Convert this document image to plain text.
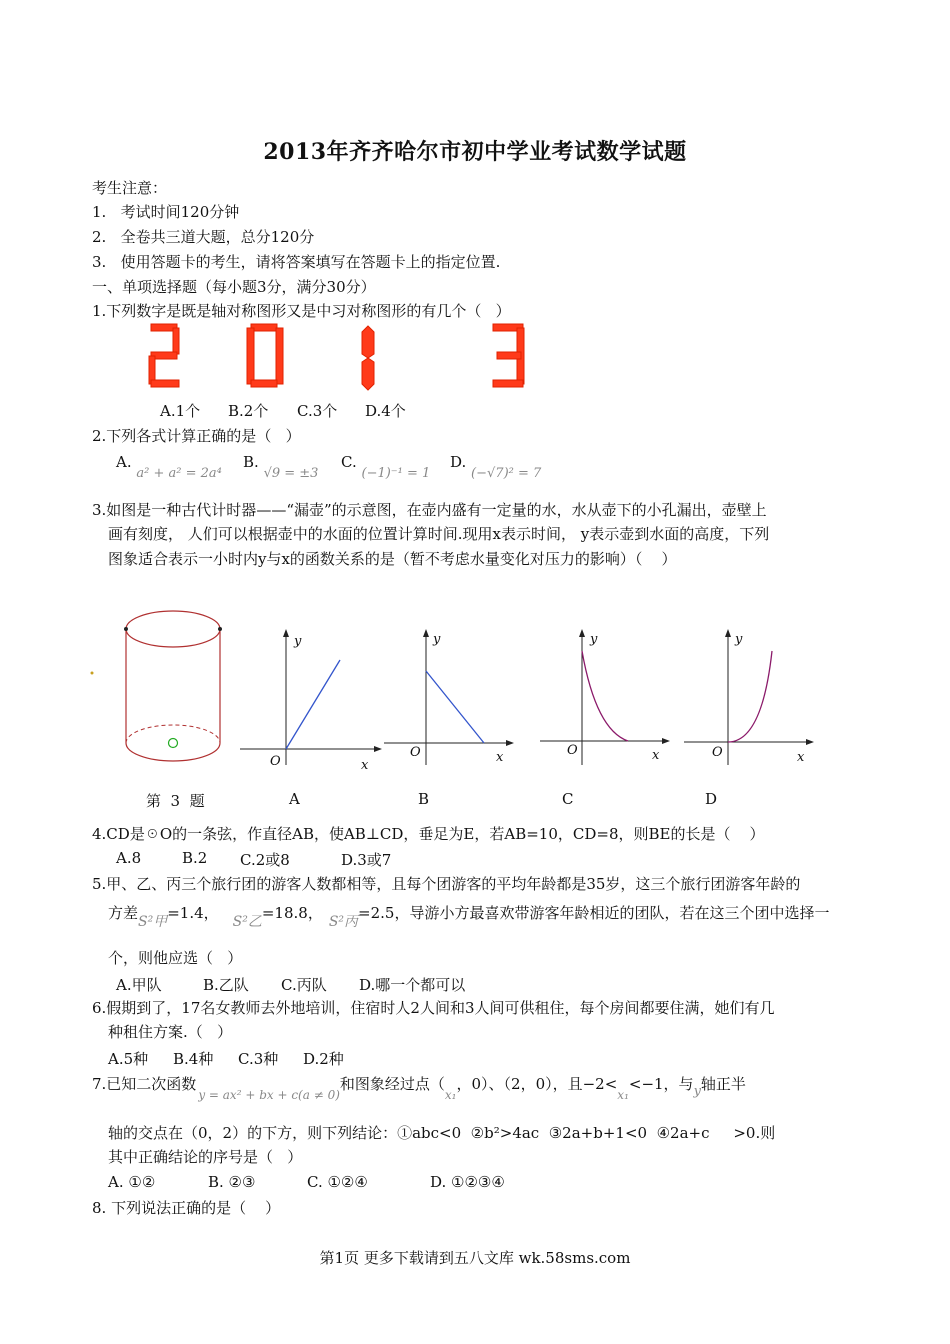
2013年齐齐哈尔市初中学业考试数学试题
考生注意：
1.   考试时间120分钟
2.   全卷共三道大题，总分120分
3.   使用答题卡的考生，请将答案填写在答题卡上的指定位置.
一、单项选择题（每小题3分，满分30分）
1.下列数字是既是轴对称图形又是中习对称图形的有几个（   ）
A.1个 B.2个 C.3个 D.4个
2.下列各式计算正确的是（   ）
A. a² + a² = 2a⁴
B. √9 = ±3
C. (−1)⁻¹ = 1
D. (−√7)² = 7
3.如图是一种古代计时器——“漏壶”的示意图，在壶内盛有一定量的水，水从壶下的小孔漏出，壶壁上
画有刻度， 人们可以根据壶中的水面的位置计算时间.现用x表示时间， y表示壶到水面的高度，下列
图象适合表示一小时内y与x的函数关系的是（暂不考虑水量变化对压力的影响）（    ）
y
O	x
y
O	x
y
O	x
y
O	x
第  3  题	A	B	C	D
4.CD是☉O的一条弦，作直径AB，使AB⊥CD，垂足为E，若AB=10，CD=8，则BE的长是（    ）
A.8	B.2 C.2或8	D.3或7
5.甲、乙、丙三个旅行团的游客人数都相等，且每个团游客的平均年龄都是35岁，这三个旅行团游客年龄的
方差S²甲=1.4， S²乙=18.8， S²丙=2.5，导游小方最喜欢带游客年龄相近的团队，若在这三个团中选择一
个，则他应选（   ）
A.甲队	B.乙队 C.丙队 D.哪一个都可以
6.假期到了，17名女教师去外地培训，住宿时人2人间和3人间可供租住，每个房间都要住满，她们有几
种租住方案.（   ）
A.5种 B.4种 C.3种 D.2种
7.已知二次函数$_{y = ax^2 + bx + c(a \ne 0)}$和图象经过点（$_{x_1}$，0）、（2，0），且$-2<_{x_1}<-1$，与y轴正半
轴的交点在（0，2）的下方，则下列结论：①abc<0  ②b²>4ac  ③2a+b+1<0  ④2a+c     >0.则
其中正确结论的序号是（   ）
A. ①②	B. ②③	C. ①②④	D. ①②③④
8. 下列说法正确的是（    ）
第1页 更多下载请到五八文库 wk.58sms.com
